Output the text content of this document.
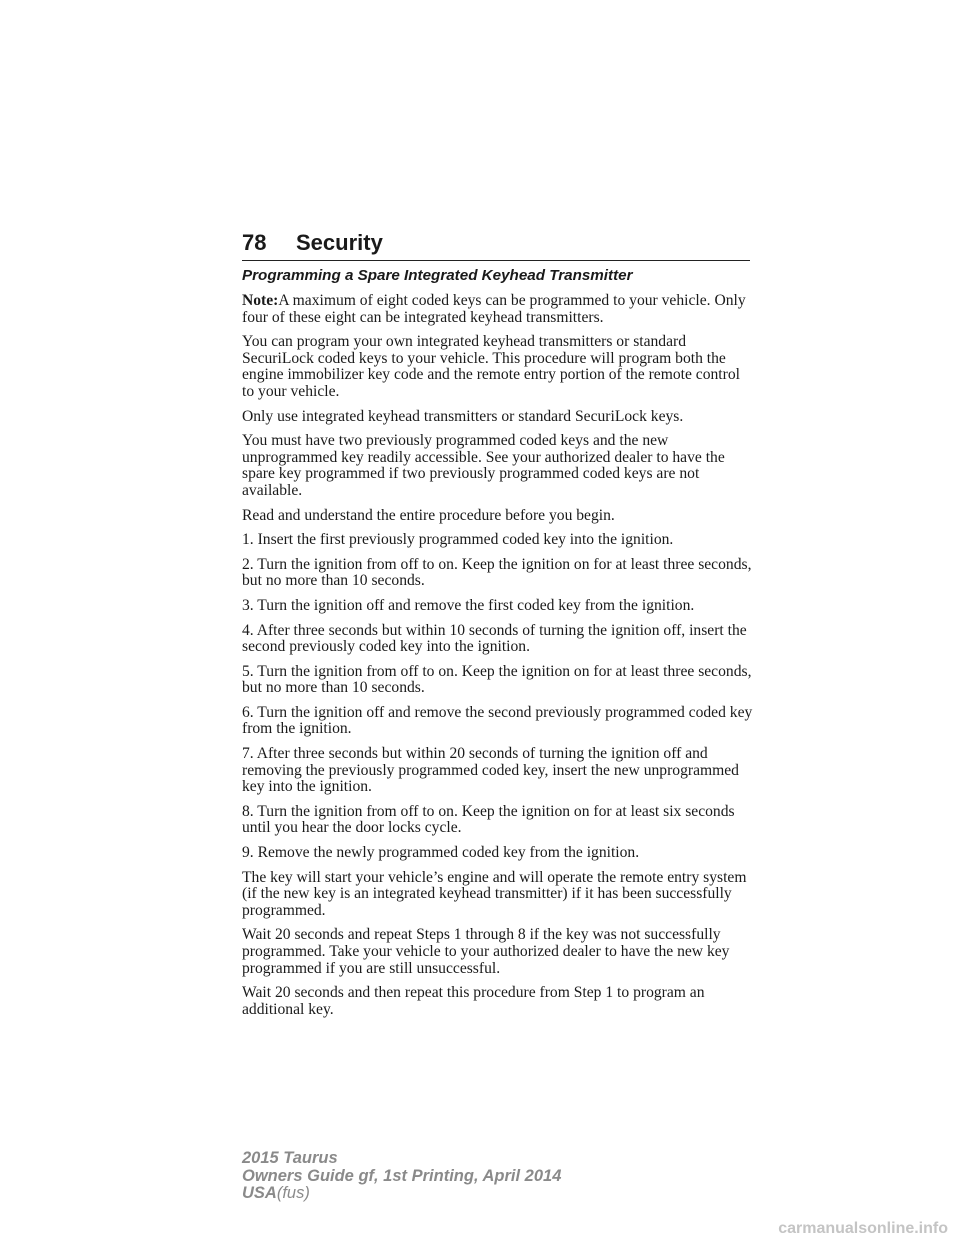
78 Security
Programming a Spare Integrated Keyhead Transmitter

Note:A maximum of eight coded keys can be programmed to your vehicle. Only four of these eight can be integrated keyhead transmitters.

You can program your own integrated keyhead transmitters or standard SecuriLock coded keys to your vehicle. This procedure will program both the engine immobilizer key code and the remote entry portion of the remote control to your vehicle.

Only use integrated keyhead transmitters or standard SecuriLock keys.

You must have two previously programmed coded keys and the new unprogrammed key readily accessible. See your authorized dealer to have the spare key programmed if two previously programmed coded keys are not available.

Read and understand the entire procedure before you begin.

1. Insert the first previously programmed coded key into the ignition.

2. Turn the ignition from off to on. Keep the ignition on for at least three seconds, but no more than 10 seconds.

3. Turn the ignition off and remove the first coded key from the ignition.

4. After three seconds but within 10 seconds of turning the ignition off, insert the second previously coded key into the ignition.

5. Turn the ignition from off to on. Keep the ignition on for at least three seconds, but no more than 10 seconds.

6. Turn the ignition off and remove the second previously programmed coded key from the ignition.

7. After three seconds but within 20 seconds of turning the ignition off and removing the previously programmed coded key, insert the new unprogrammed key into the ignition.

8. Turn the ignition from off to on. Keep the ignition on for at least six seconds until you hear the door locks cycle.

9. Remove the newly programmed coded key from the ignition.

The key will start your vehicle’s engine and will operate the remote entry system (if the new key is an integrated keyhead transmitter) if it has been successfully programmed.

Wait 20 seconds and repeat Steps 1 through 8 if the key was not successfully programmed. Take your vehicle to your authorized dealer to have the new key programmed if you are still unsuccessful.

Wait 20 seconds and then repeat this procedure from Step 1 to program an additional key.

2015 Taurus
Owners Guide gf, 1st Printing, April 2014
USA(fus)
carmanualsonline.info
